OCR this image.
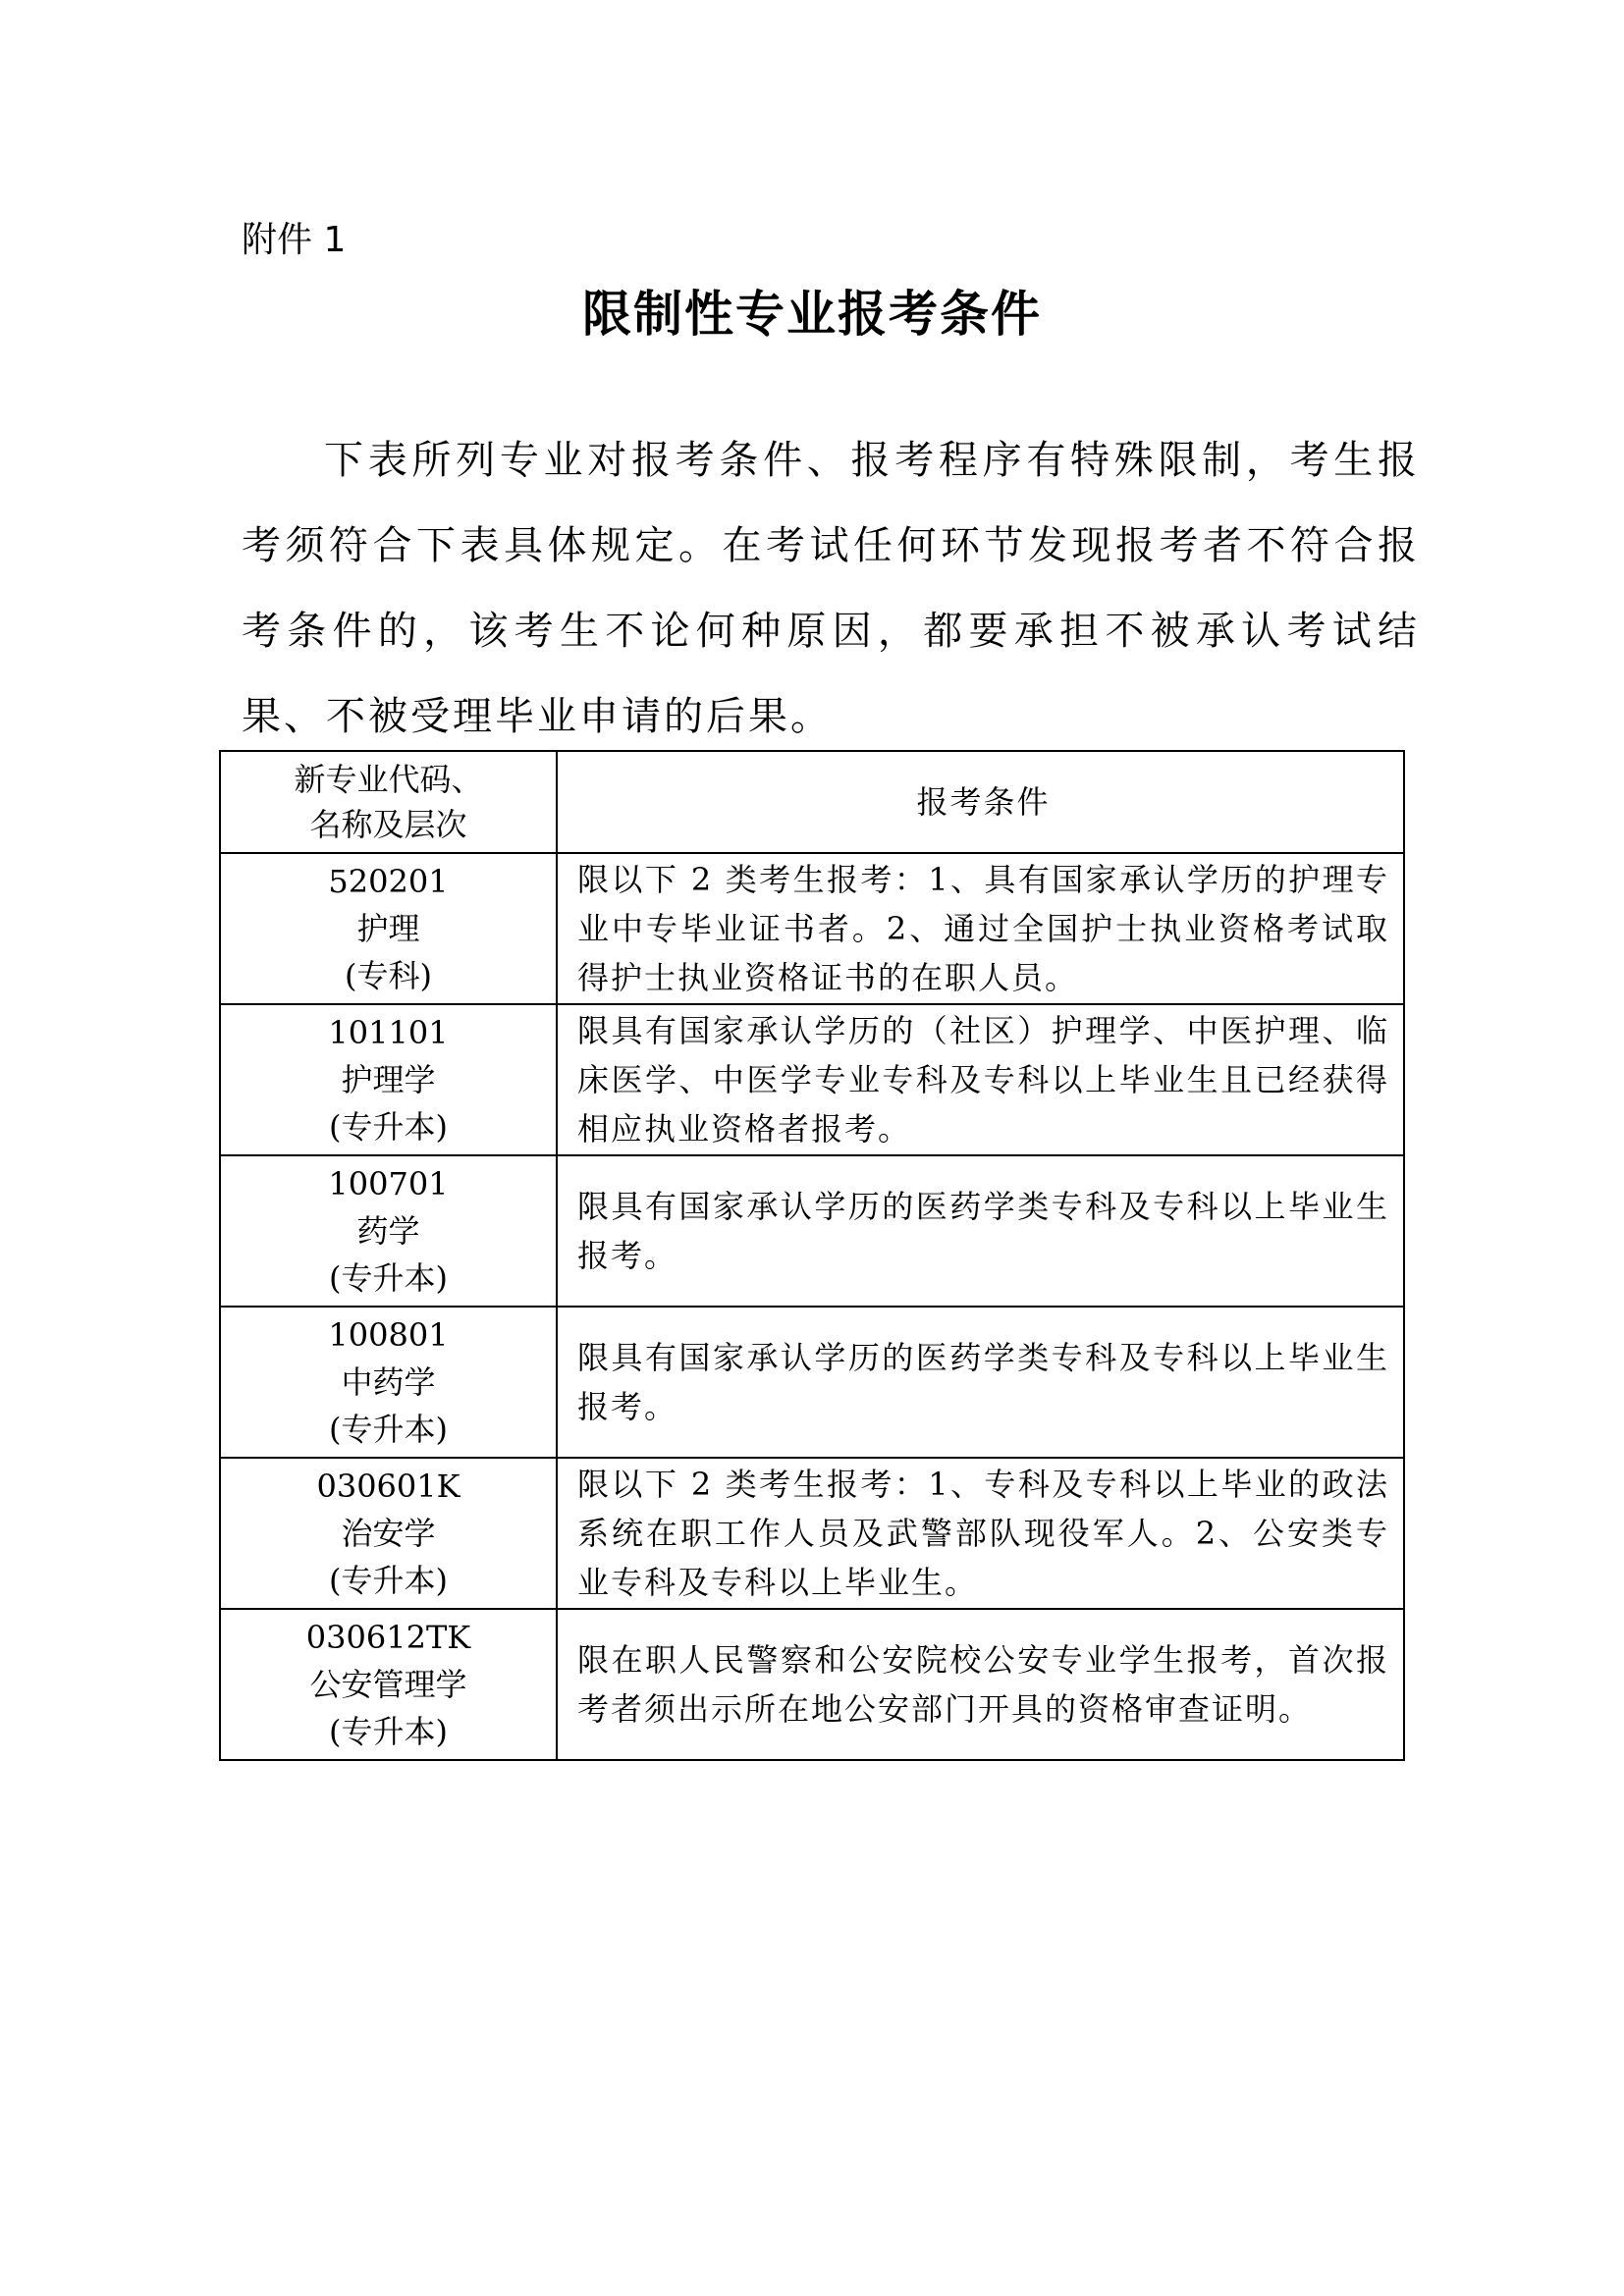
附件 1
限制性专业报考条件
下表所列专业对报考条件、报考程序有特殊限制，考生报考须符合下表具体规定。在考试任何环节发现报考者不符合报考条件的，该考生不论何种原因，都要承担不被承认考试结果、不被受理毕业申请的后果。
新专业代码、
名称及层次	报考条件

520201
护理
(专科)	限以下 2 类考生报考：1、具有国家承认学历的护理专业中专毕业证书者。2、通过全国护士执业资格考试取得护士执业资格证书的在职人员。

101101
护理学
(专升本)	限具有国家承认学历的（社区）护理学、中医护理、临床医学、中医学专业专科及专科以上毕业生且已经获得相应执业资格者报考。

100701
药学
(专升本)	限具有国家承认学历的医药学类专科及专科以上毕业生报考。

100801
中药学
(专升本)	限具有国家承认学历的医药学类专科及专科以上毕业生报考。

030601K
治安学
(专升本)	限以下 2 类考生报考：1、专科及专科以上毕业的政法系统在职工作人员及武警部队现役军人。2、公安类专业专科及专科以上毕业生。

030612TK
公安管理学
(专升本)	限在职人民警察和公安院校公安专业学生报考，首次报考者须出示所在地公安部门开具的资格审查证明。
